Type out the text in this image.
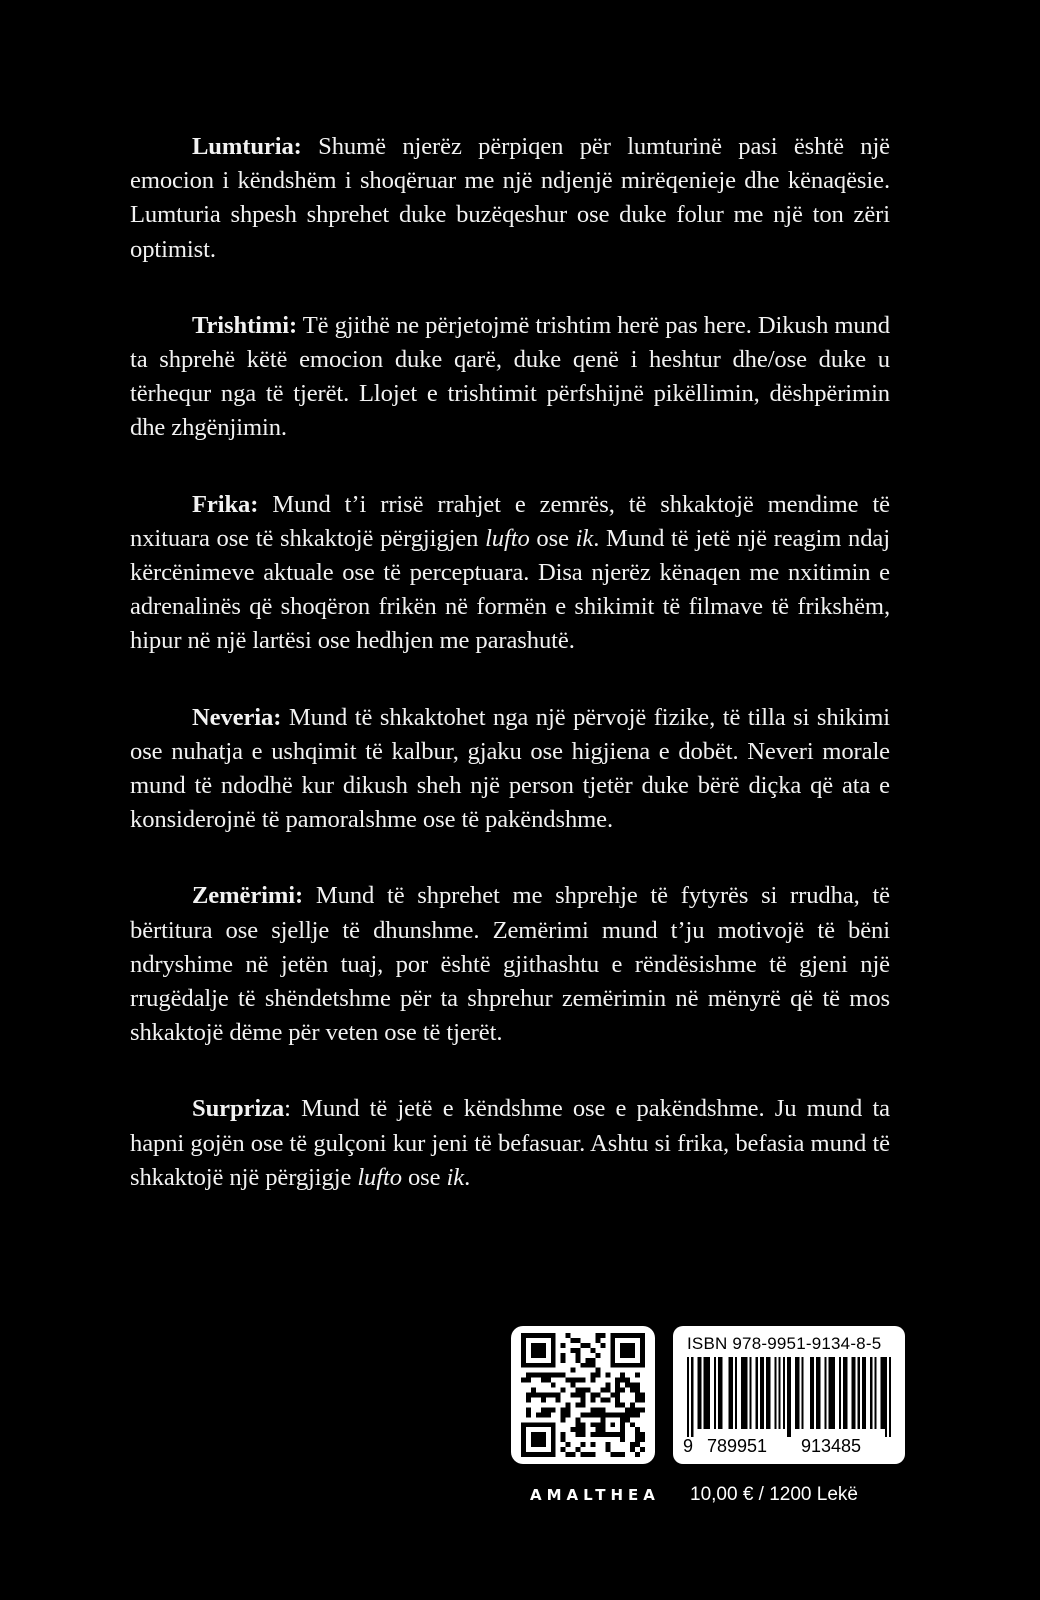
Lumturia: Shumë njerëz përpiqen për lumturinë pasi është një emocion i këndshëm i shoqëruar me një ndjenjë mirëqenieje dhe kënaqësie. Lumturia shpesh shprehet duke buzëqeshur ose duke folur me një ton zëri optimist.

Trishtimi: Të gjithë ne përjetojmë trishtim herë pas here. Dikush mund ta shprehë këtë emocion duke qarë, duke qenë i heshtur dhe/ose duke u tërhequr nga të tjerët. Llojet e trishtimit përfshijnë pikëllimin, dëshpërimin dhe zhgënjimin.

Frika: Mund t’i rrisë rrahjet e zemrës, të shkaktojë mendime të nxituara ose të shkaktojë përgjigjen lufto ose ik. Mund të jetë një reagim ndaj kërcënimeve aktuale ose të perceptuara. Disa njerëz kënaqen me nxitimin e adrenalinës që shoqëron frikën në formën e shikimit të filmave të frikshëm, hipur në një lartësi ose hedhjen me parashutë.

Neveria: Mund të shkaktohet nga një përvojë fizike, të tilla si shikimi ose nuhatja e ushqimit të kalbur, gjaku ose higjiena e dobët. Neveri morale mund të ndodhë kur dikush sheh një person tjetër duke bërë diçka që ata e konsiderojnë të pamoralshme ose të pakëndshme.

Zemërimi: Mund të shprehet me shprehje të fytyrës si rrudha, të bërtitura ose sjellje të dhunshme. Zemërimi mund t’ju motivojë të bëni ndryshime në jetën tuaj, por është gjithashtu e rëndësishme të gjeni një rrugëdalje të shëndetshme për ta shprehur zemërimin në mënyrë që të mos shkaktojë dëme për veten ose të tjerët.

Surpriza: Mund të jetë e këndshme ose e pakëndshme. Ju mund ta hapni gojën ose të gulçoni kur jeni të befasuar. Ashtu si frika, befasia mund të shkaktojë një përgjigje lufto ose ik.

ISBN 978-9951-9134-8-5
9 789951 913485
AMALTHEA 10,00 € / 1200 Lekë
